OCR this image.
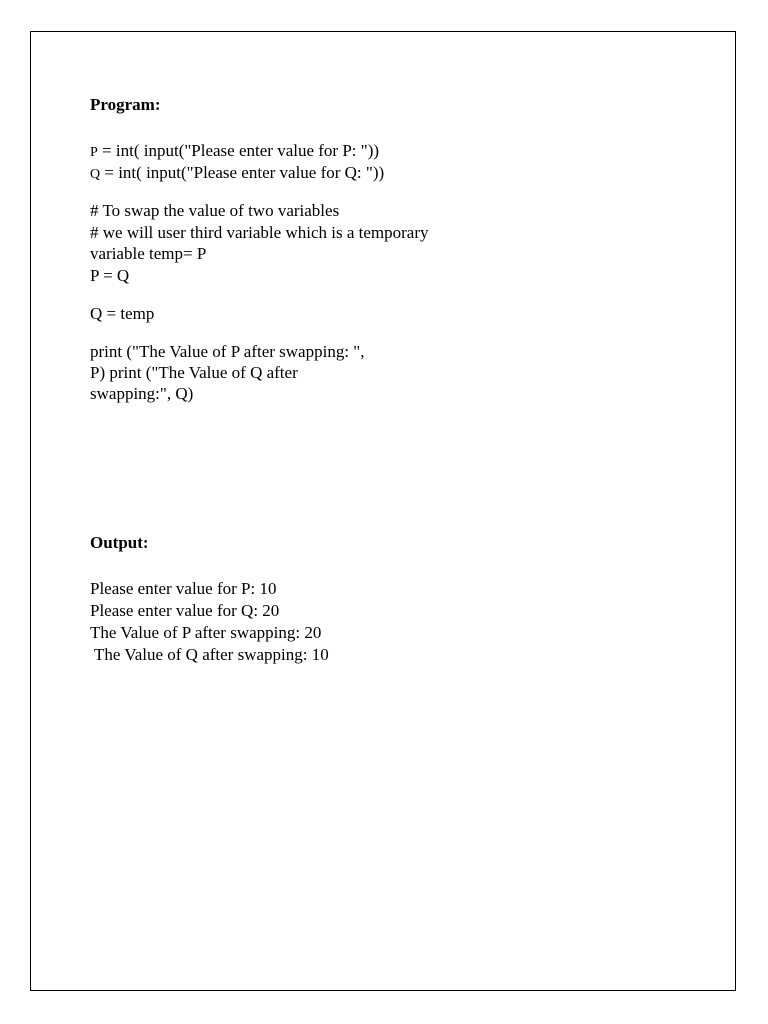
Program:
P = int( input("Please enter value for P: "))
Q = int( input("Please enter value for Q: "))
# To swap the value of two variables
# we will user third variable which is a temporary
variable temp= P
P = Q
Q = temp
print ("The Value of P after swapping: ",
P) print ("The Value of Q after
swapping:", Q)
Output:
Please enter value for P: 10
Please enter value for Q: 20
The Value of P after swapping: 20
The Value of Q after swapping: 10
